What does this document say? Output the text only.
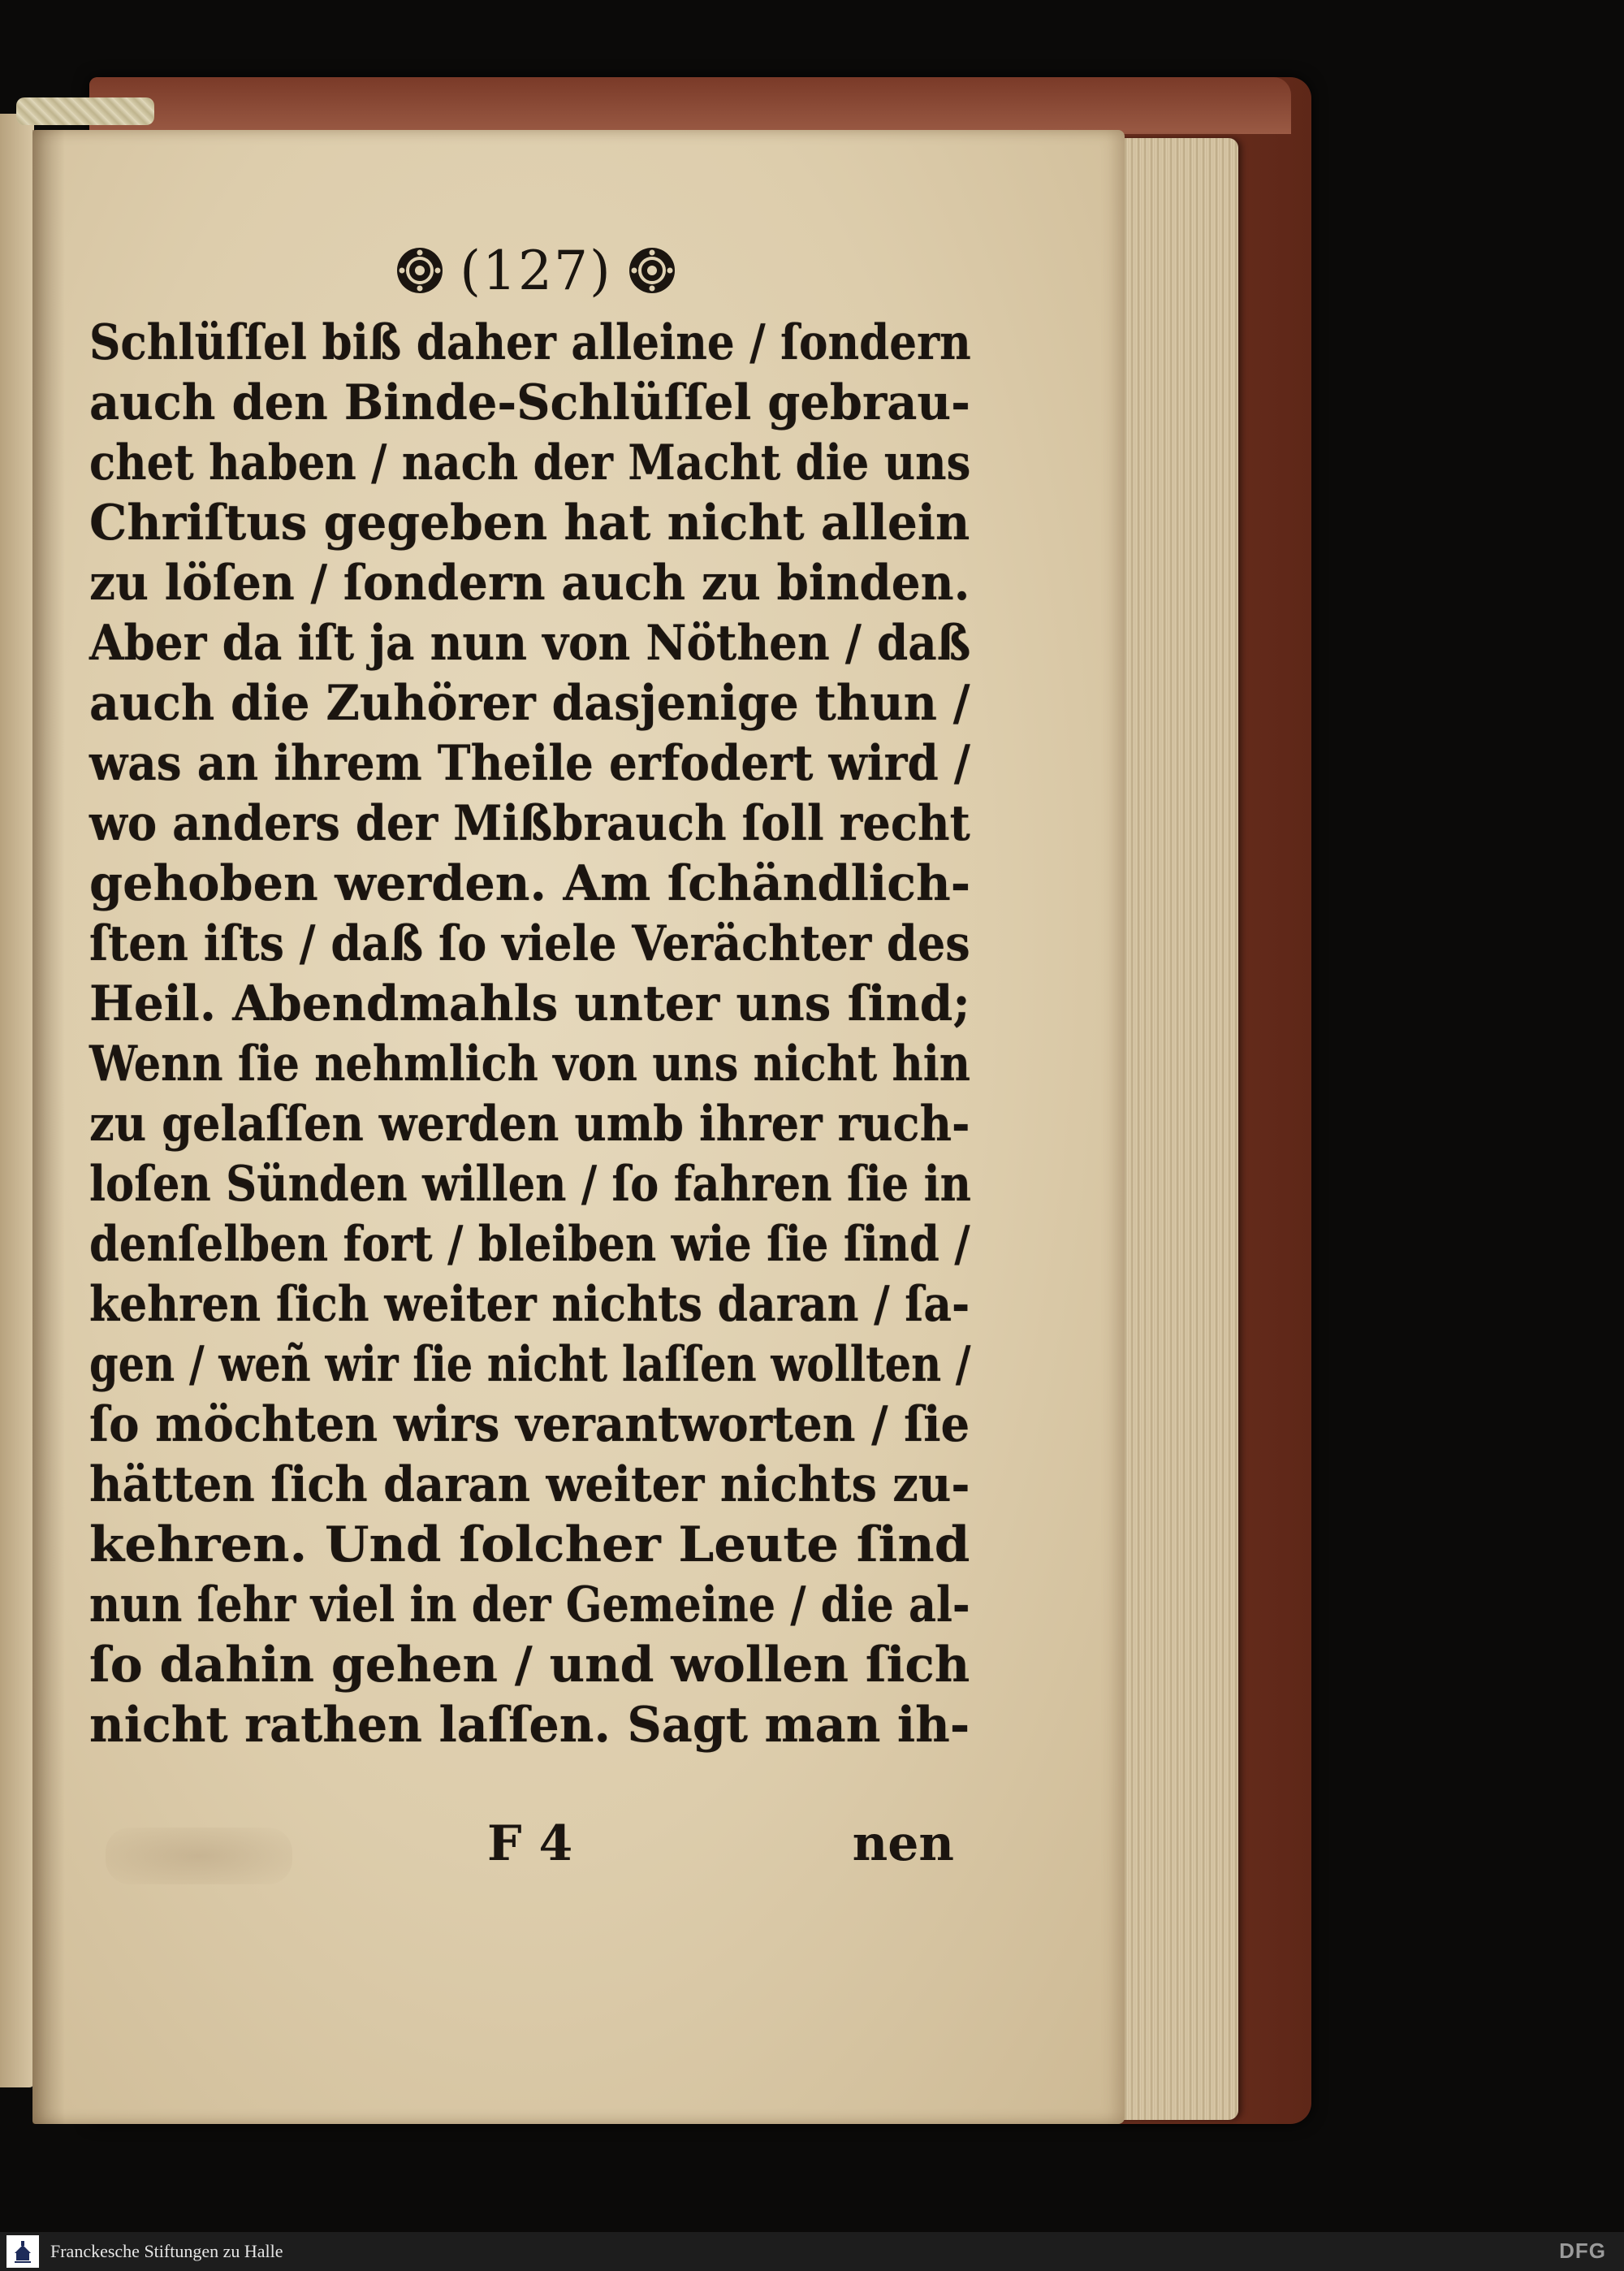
(127)
Schlüſſel biß daher alleine / ſondern
auch den Binde-Schlüſſel gebrau-
chet haben / nach der Macht die uns
Chriſtus gegeben hat nicht allein
zu löſen / ſondern auch zu binden.
Aber da iſt ja nun von Nöthen / daß
auch die Zuhörer dasjenige thun /
was an ihrem Theile erfodert wird /
wo anders der Mißbrauch ſoll recht
gehoben werden. Am ſchändlich-
ſten iſts / daß ſo viele Verächter des
Heil. Abendmahls unter uns ſind;
Wenn ſie nehmlich von uns nicht hin
zu gelaſſen werden umb ihrer ruch-
loſen Sünden willen / ſo fahren ſie in
denſelben fort / bleiben wie ſie ſind /
kehren ſich weiter nichts daran / ſa-
gen / weñ wir ſie nicht laſſen wollten /
ſo möchten wirs verantworten / ſie
hätten ſich daran weiter nichts zu-
kehren. Und ſolcher Leute ſind
nun ſehr viel in der Gemeine / die al-
ſo dahin gehen / und wollen ſich
nicht rathen laſſen. Sagt man ih-
F 4	nen
Franckesche Stiftungen zu Halle	DFG
